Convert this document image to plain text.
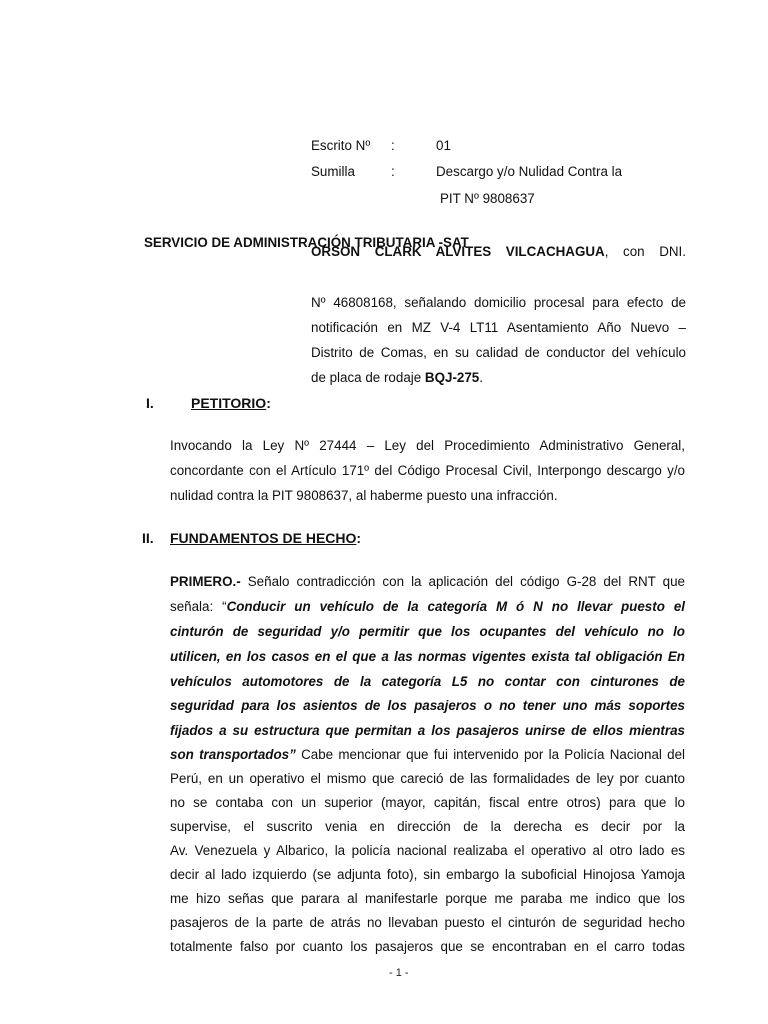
Escrito Nº :	01
Sumilla	:	Descargo y/o Nulidad Contra la
PIT Nº 9808637
SERVICIO DE ADMINISTRACIÓN TRIBUTARIA -SAT
ORSON CLARK ALVITES VILCACHAGUA, con DNI.
Nº 46808168, señalando domicilio procesal para efecto de
notificación en MZ V-4 LT11 Asentamiento Año Nuevo –
Distrito de Comas, en su calidad de conductor del vehículo
de placa de rodaje BQJ-275.
I.	PETITORIO:
Invocando la Ley Nº 27444 – Ley del Procedimiento Administrativo General,
concordante con el Artículo 171º del Código Procesal Civil, Interpongo descargo y/o
nulidad contra la PIT 9808637, al haberme puesto una infracción.
II. FUNDAMENTOS DE HECHO:
PRIMERO.- Señalo contradicción con la aplicación del código G-28 del RNT que
señala: “Conducir un vehículo de la categoría M ó N no llevar puesto el
cinturón de seguridad y/o permitir que los ocupantes del vehículo no lo
utilicen, en los casos en el que a las normas vigentes exista tal obligación En
vehículos automotores de la categoría L5 no contar con cinturones de
seguridad para los asientos de los pasajeros o no tener uno más soportes
fijados a su estructura que permitan a los pasajeros unirse de ellos mientras
son transportados” Cabe mencionar que fui intervenido por la Policía Nacional del
Perú, en un operativo el mismo que careció de las formalidades de ley por cuanto
no se contaba con un superior (mayor, capitán, fiscal entre otros) para que lo
supervise, el suscrito venia en dirección de la derecha es decir por la
Av. Venezuela y Albarico, la policía nacional realizaba el operativo al otro lado es
decir al lado izquierdo (se adjunta foto), sin embargo la suboficial Hinojosa Yamoja
me hizo señas que parara al manifestarle porque me paraba me indico que los
pasajeros de la parte de atrás no llevaban puesto el cinturón de seguridad hecho
totalmente falso por cuanto los pasajeros que se encontraban en el carro todas
- 1 -
